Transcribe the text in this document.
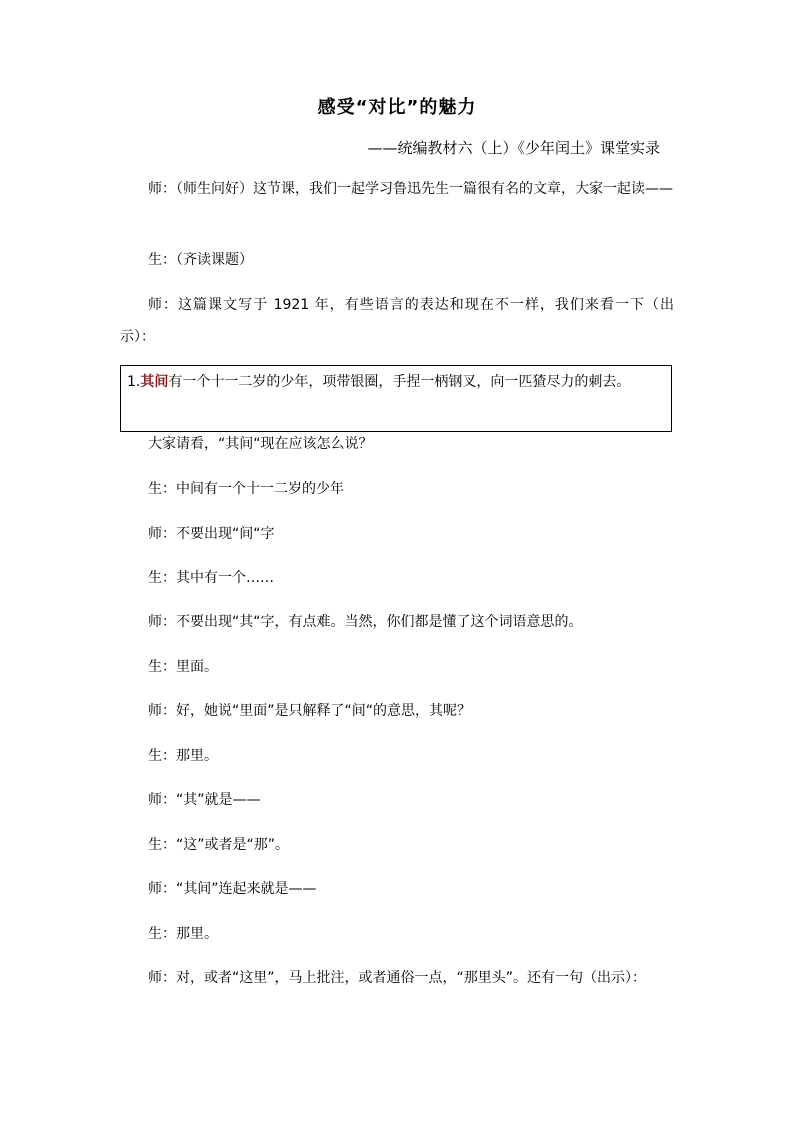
感受“对比”的魅力
——统编教材六（上）《少年闰土》课堂实录

师：（师生问好）这节课，我们一起学习鲁迅先生一篇很有名的文章，大家一起读——

生：（齐读课题）

师：这篇课文写于 1921 年，有些语言的表达和现在不一样，我们来看一下（出示）：

1.其间有一个十一二岁的少年，项带银圈，手捏一柄钢叉，向一匹猹尽力的刺去。

大家请看，“其间“现在应该怎么说？

生：中间有一个十一二岁的少年

师：不要出现“间“字

生：其中有一个……

师：不要出现“其“字，有点难。当然，你们都是懂了这个词语意思的。

生：里面。

师：好，她说“里面”是只解释了“间“的意思，其呢？

生：那里。

师：“其”就是——

生：“这”或者是“那”。

师：“其间”连起来就是——

生：那里。

师：对，或者“这里”，马上批注，或者通俗一点，“那里头”。还有一句（出示）：
